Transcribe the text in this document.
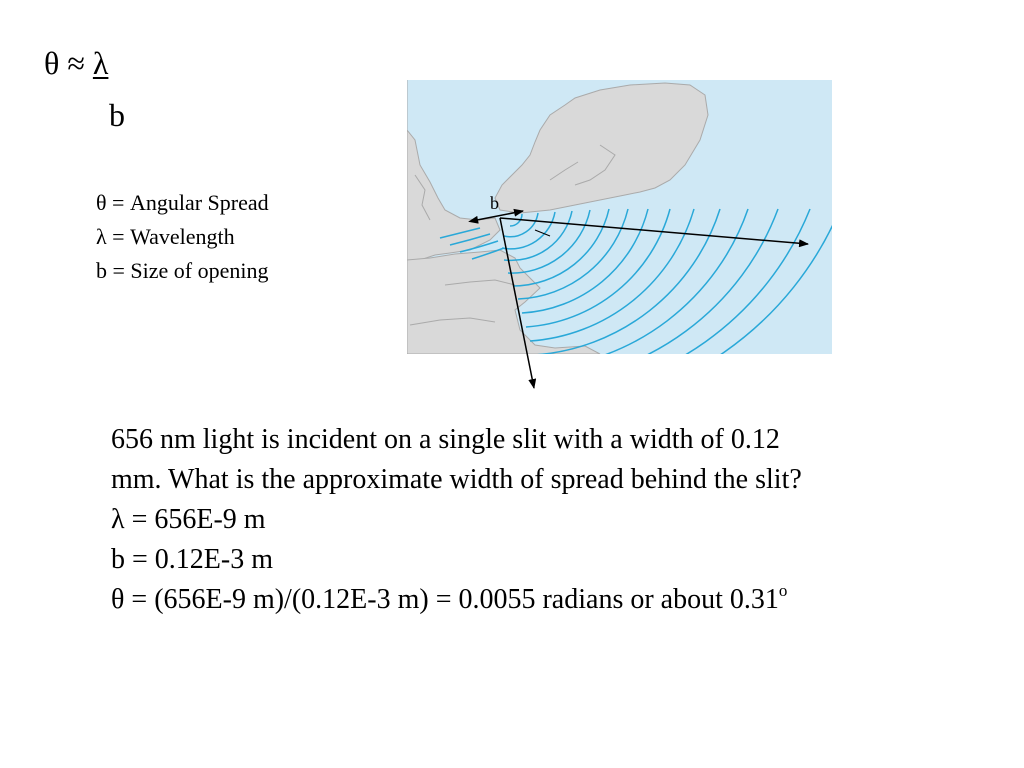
θ ≈ λ
b
θ = Angular Spread
λ = Wavelength
b = Size of opening
b
656 nm light is incident on a single slit with a width of 0.12
mm. What is the approximate width of spread behind the slit?
λ = 656E-9 m
b = 0.12E-3 m
θ = (656E-9 m)/(0.12E-3 m) = 0.0055 radians or about 0.31$^o$
